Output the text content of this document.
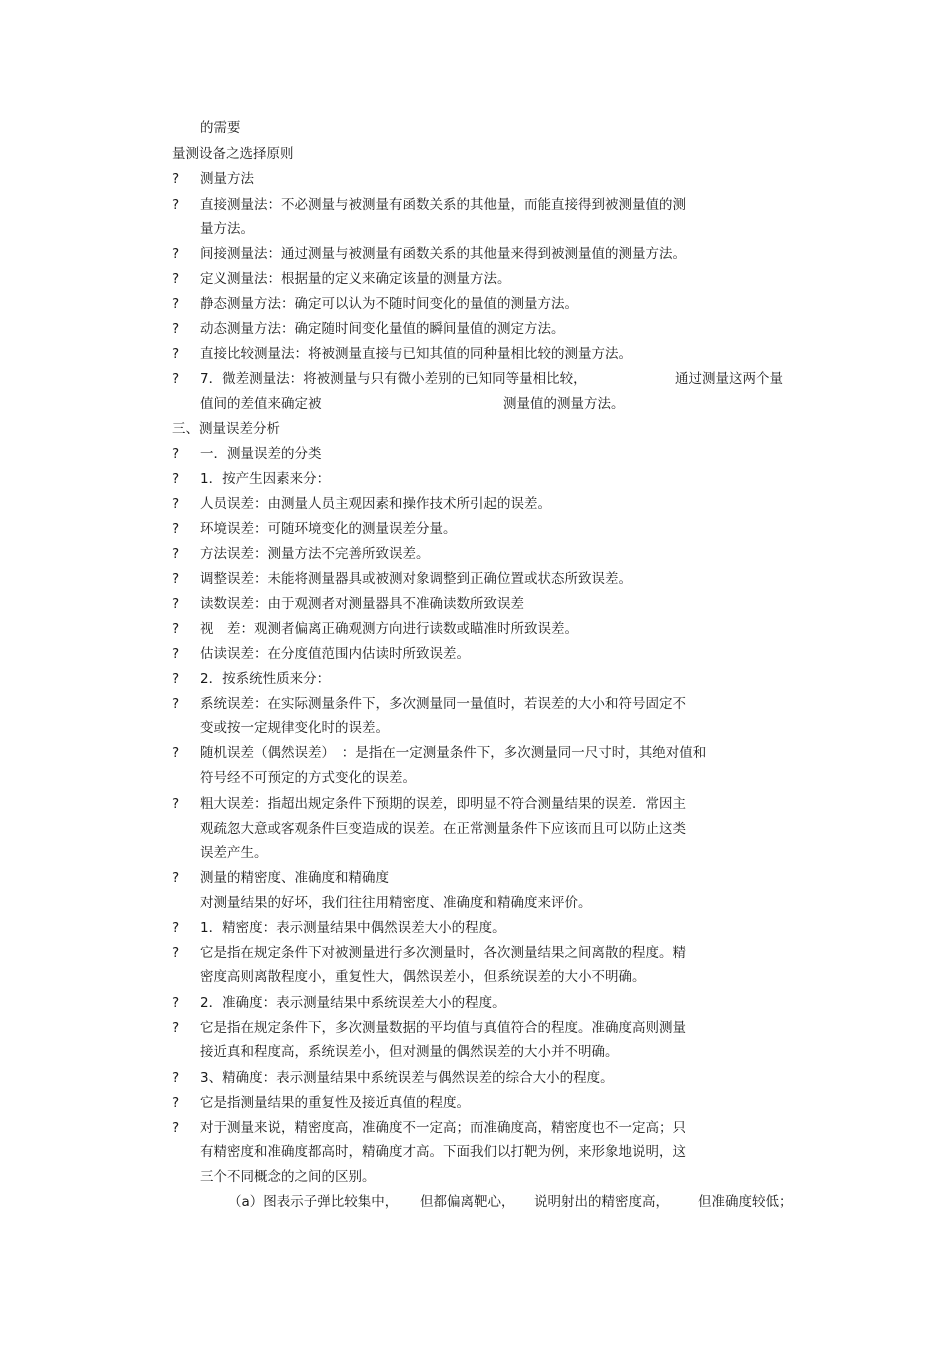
的需要
量测设备之选择原则
? 测量方法
? 直接测量法：不必测量与被测量有函数关系的其他量，而能直接得到被测量值的测
量方法。
? 间接测量法：通过测量与被测量有函数关系的其他量来得到被测量值的测量方法。
? 定义测量法：根据量的定义来确定该量的测量方法。
? 静态测量方法：确定可以认为不随时间变化的量值的测量方法。
? 动态测量方法：确定随时间变化量值的瞬间量值的测定方法。
? 直接比较测量法：将被测量直接与已知其值的同种量相比较的测量方法。
? 7．微差测量法：将被测量与只有微小差别的已知同等量相比较，	通过测量这两个量
值间的差值来确定被	测量值的测量方法。
三、测量误差分析
? 一．测量误差的分类
? 1．按产生因素来分：
? 人员误差：由测量人员主观因素和操作技术所引起的误差。
? 环境误差：可随环境变化的测量误差分量。
? 方法误差：测量方法不完善所致误差。
? 调整误差：未能将测量器具或被测对象调整到正确位置或状态所致误差。
? 读数误差：由于观测者对测量器具不准确读数所致误差
? 视　差：观测者偏离正确观测方向进行读数或瞄准时所致误差。
? 估读误差：在分度值范围内估读时所致误差。
? 2．按系统性质来分：
? 系统误差：在实际测量条件下，多次测量同一量值时，若误差的大小和符号固定不
变或按一定规律变化时的误差。
? 随机误差（偶然误差）　：是指在一定测量条件下，多次测量同一尺寸时，其绝对值和
符号经不可预定的方式变化的误差。
? 粗大误差：指超出规定条件下预期的误差，即明显不符合测量结果的误差．常因主
观疏忽大意或客观条件巨变造成的误差。在正常测量条件下应该而且可以防止这类
误差产生。
? 测量的精密度、准确度和精确度
对测量结果的好坏，我们往往用精密度、准确度和精确度来评价。
? 1．精密度：表示测量结果中偶然误差大小的程度。
? 它是指在规定条件下对被测量进行多次测量时，各次测量结果之间离散的程度。精
密度高则离散程度小，重复性大，偶然误差小，但系统误差的大小不明确。
? 2．准确度：表示测量结果中系统误差大小的程度。
? 它是指在规定条件下，多次测量数据的平均值与真值符合的程度。准确度高则测量
接近真和程度高，系统误差小，但对测量的偶然误差的大小并不明确。
? 3、精确度：表示测量结果中系统误差与偶然误差的综合大小的程度。
? 它是指测量结果的重复性及接近真值的程度。
? 对于测量来说，精密度高，准确度不一定高；而准确度高，精密度也不一定高；只
有精密度和准确度都高时，精确度才高。下面我们以打靶为例，来形象地说明，这
三个不同概念的之间的区别。
（a）图表示子弹比较集中， 但都偏离靶心， 说明射出的精密度高， 但准确度较低；
